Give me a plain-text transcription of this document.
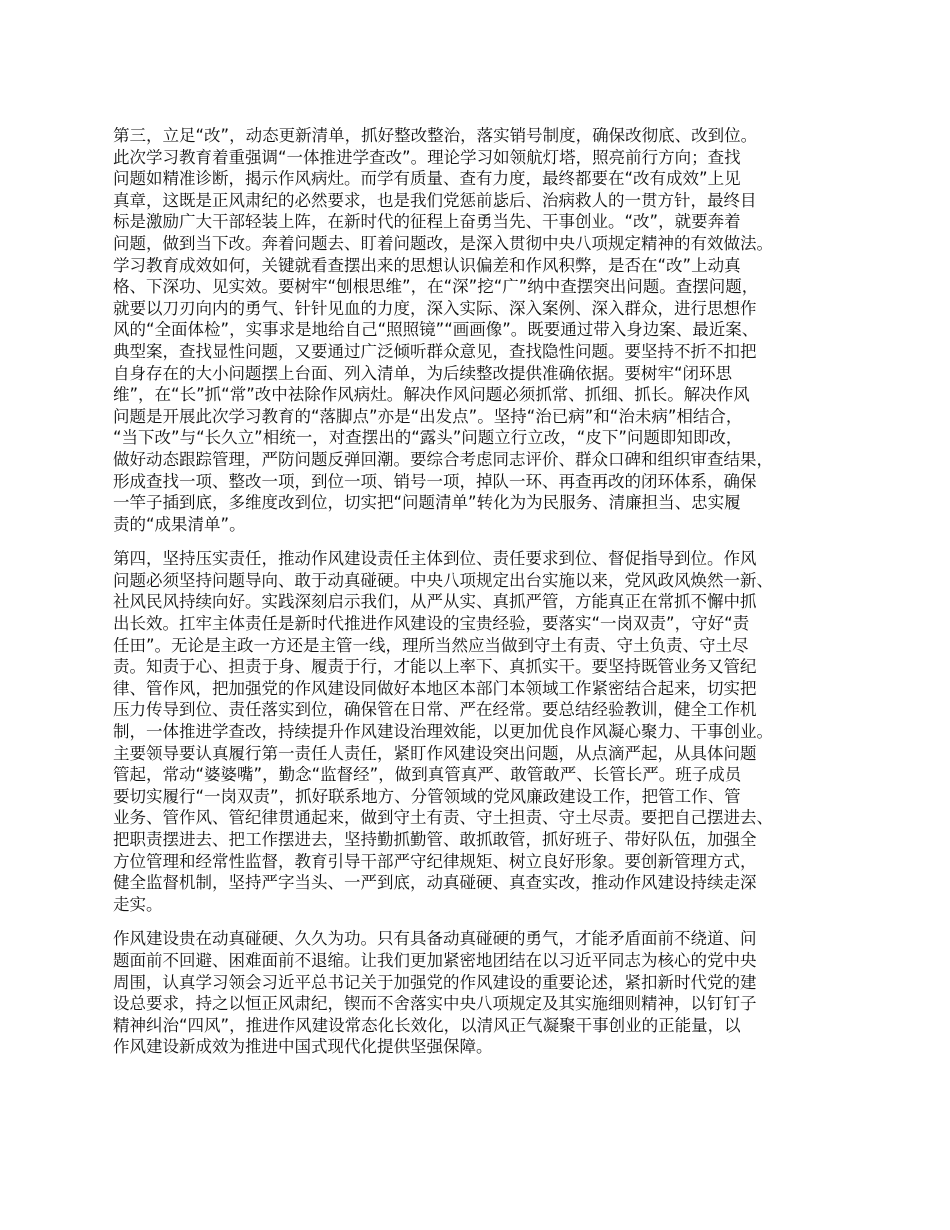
第三，立足“改”，动态更新清单，抓好整改整治，落实销号制度，确保改彻底、改到位。
此次学习教育着重强调“一体推进学查改”。理论学习如领航灯塔，照亮前行方向；查找
问题如精准诊断，揭示作风病灶。而学有质量、查有力度，最终都要在“改有成效”上见
真章，这既是正风肃纪的必然要求，也是我们党惩前毖后、治病救人的一贯方针，最终目
标是激励广大干部轻装上阵，在新时代的征程上奋勇当先、干事创业。“改”，就要奔着
问题，做到当下改。奔着问题去、盯着问题改，是深入贯彻中央八项规定精神的有效做法。
学习教育成效如何，关键就看查摆出来的思想认识偏差和作风积弊，是否在“改”上动真
格、下深功、见实效。要树牢“刨根思维”，在“深”挖“广”纳中查摆突出问题。查摆问题，
就要以刀刃向内的勇气、针针见血的力度，深入实际、深入案例、深入群众，进行思想作
风的“全面体检”，实事求是地给自己“照照镜”“画画像”。既要通过带入身边案、最近案、
典型案，查找显性问题，又要通过广泛倾听群众意见，查找隐性问题。要坚持不折不扣把
自身存在的大小问题摆上台面、列入清单，为后续整改提供准确依据。要树牢“闭环思
维”，在“长”抓“常”改中祛除作风病灶。解决作风问题必须抓常、抓细、抓长。解决作风
问题是开展此次学习教育的“落脚点”亦是“出发点”。坚持“治已病”和“治未病”相结合，
“当下改”与“长久立”相统一，对查摆出的“露头”问题立行立改，“皮下”问题即知即改，
做好动态跟踪管理，严防问题反弹回潮。要综合考虑同志评价、群众口碑和组织审查结果，
形成查找一项、整改一项，到位一项、销号一项，掉队一环、再查再改的闭环体系，确保
一竿子插到底，多维度改到位，切实把“问题清单”转化为为民服务、清廉担当、忠实履
责的“成果清单”。

第四，坚持压实责任，推动作风建设责任主体到位、责任要求到位、督促指导到位。作风
问题必须坚持问题导向、敢于动真碰硬。中央八项规定出台实施以来，党风政风焕然一新、
社风民风持续向好。实践深刻启示我们，从严从实、真抓严管，方能真正在常抓不懈中抓
出长效。扛牢主体责任是新时代推进作风建设的宝贵经验，要落实“一岗双责”，守好“责
任田”。无论是主政一方还是主管一线，理所当然应当做到守土有责、守土负责、守土尽
责。知责于心、担责于身、履责于行，才能以上率下、真抓实干。要坚持既管业务又管纪
律、管作风，把加强党的作风建设同做好本地区本部门本领域工作紧密结合起来，切实把
压力传导到位、责任落实到位，确保管在日常、严在经常。要总结经验教训，健全工作机
制，一体推进学查改，持续提升作风建设治理效能，以更加优良作风凝心聚力、干事创业。
主要领导要认真履行第一责任人责任，紧盯作风建设突出问题，从点滴严起，从具体问题
管起，常动“婆婆嘴”，勤念“监督经”，做到真管真严、敢管敢严、长管长严。班子成员
要切实履行“一岗双责”，抓好联系地方、分管领域的党风廉政建设工作，把管工作、管
业务、管作风、管纪律贯通起来，做到守土有责、守土担责、守土尽责。要把自己摆进去、
把职责摆进去、把工作摆进去，坚持勤抓勤管、敢抓敢管，抓好班子、带好队伍，加强全
方位管理和经常性监督，教育引导干部严守纪律规矩、树立良好形象。要创新管理方式，
健全监督机制，坚持严字当头、一严到底，动真碰硬、真查实改，推动作风建设持续走深
走实。

作风建设贵在动真碰硬、久久为功。只有具备动真碰硬的勇气，才能矛盾面前不绕道、问
题面前不回避、困难面前不退缩。让我们更加紧密地团结在以习近平同志为核心的党中央
周围，认真学习领会习近平总书记关于加强党的作风建设的重要论述，紧扣新时代党的建
设总要求，持之以恒正风肃纪，锲而不舍落实中央八项规定及其实施细则精神，以钉钉子
精神纠治“四风”，推进作风建设常态化长效化，以清风正气凝聚干事创业的正能量，以
作风建设新成效为推进中国式现代化提供坚强保障。
